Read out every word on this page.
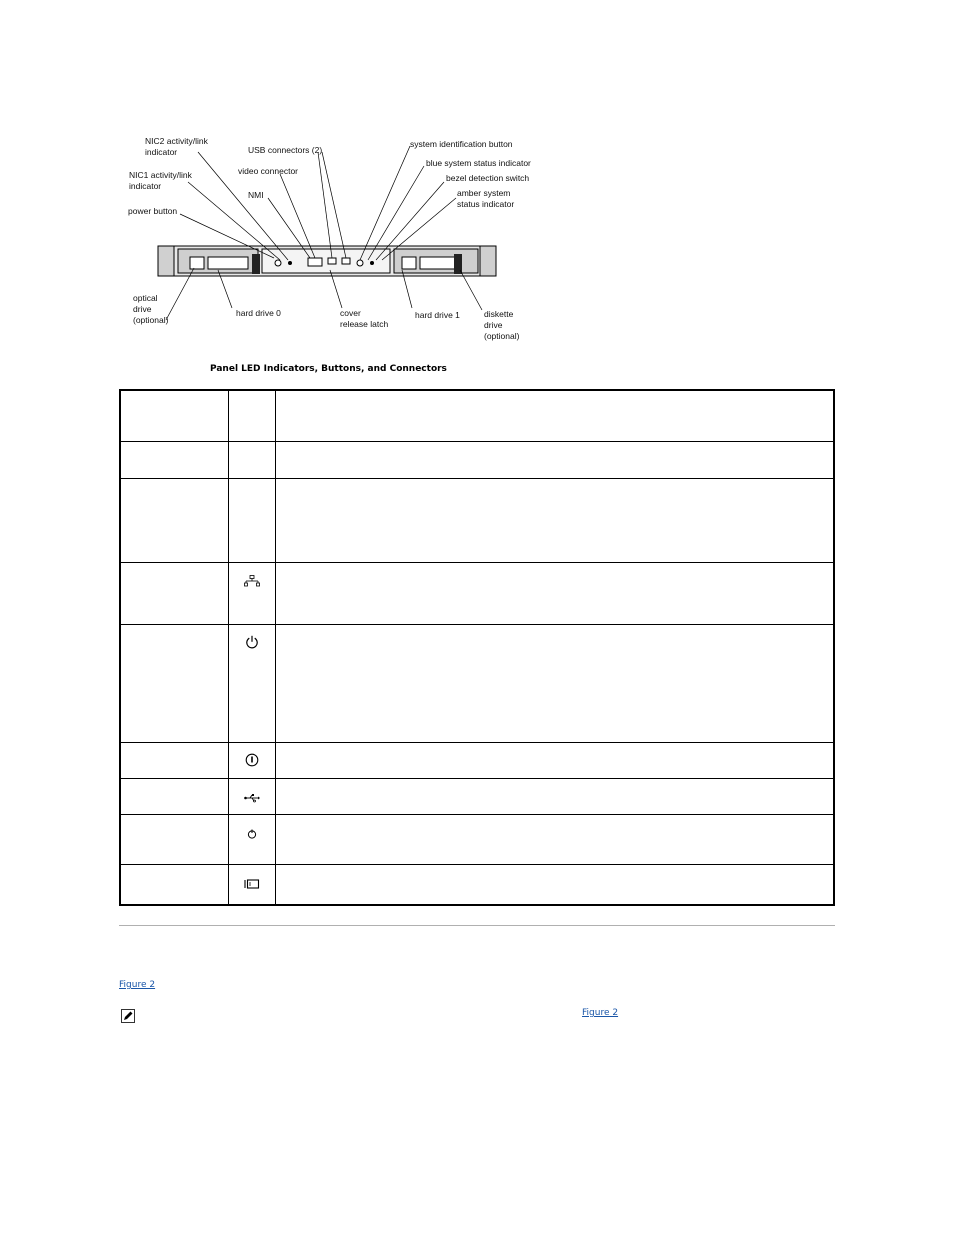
NIC2 activity/link
indicator
NIC1 activity/link
indicator
power button
video connector
NMI
USB connectors (2)
system identification button
blue system status indicator
bezel detection switch
amber system
status indicator
optical
drive
(optional)
hard drive 0	cover
release latch
hard drive 1	diskette
drive
(optional)
Panel LED Indicators, Buttons, and Connectors

Figure 2
Figure 2
